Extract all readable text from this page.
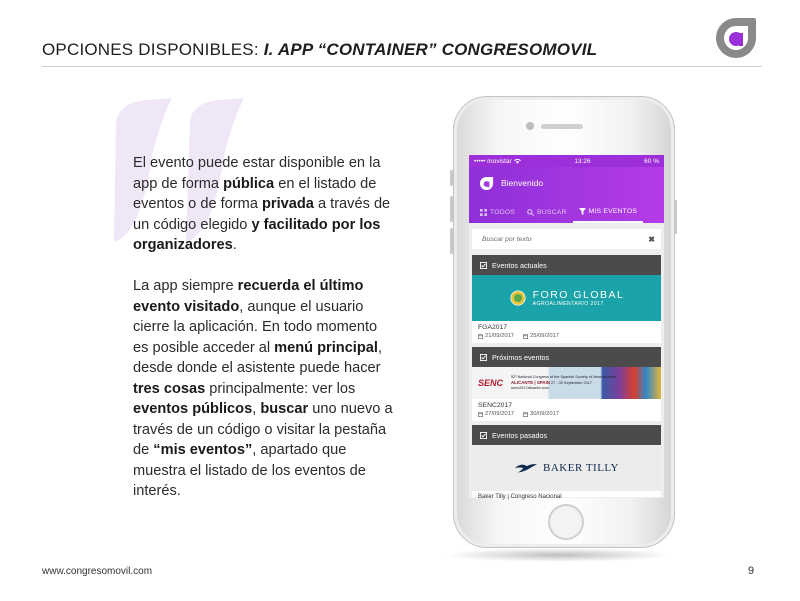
OPCIONES DISPONIBLES: I. APP “CONTAINER” CONGRESOMOVIL

El evento puede estar disponible en la app de forma pública en el listado de eventos o de forma privada a través de un código elegido y facilitado por los organizadores.

La app siempre recuerda el último evento visitado, aunque el usuario cierre la aplicación. En todo momento es posible acceder al menú principal, desde donde el asistente puede hacer tres cosas principalmente: ver los eventos públicos, buscar uno nuevo a través de un código o visitar la pestaña de “mis eventos”, apartado que muestra el listado de los eventos de interés.

••••• movistar	13:26	60 %
Bienvenido
TODOS	BUSCAR	MIS EVENTOS
Buscar por texto	✖
Eventos actuales
FORO GLOBAL
AGROALIMENTARIO 2017
FGA2017
21/09/2017	25/09/2017
Próximos eventos
SENC
52º National Congress of the Spanish Society of Neuroscience
ALICANTE | SPAIN 27 - 30 September 2017
senc2017alicante.com
SENC2017
27/09/2017	30/09/2017
Eventos pasados
BAKER TILLY
Baker Tilly | Congreso Nacional
www.congresomovil.com	9
